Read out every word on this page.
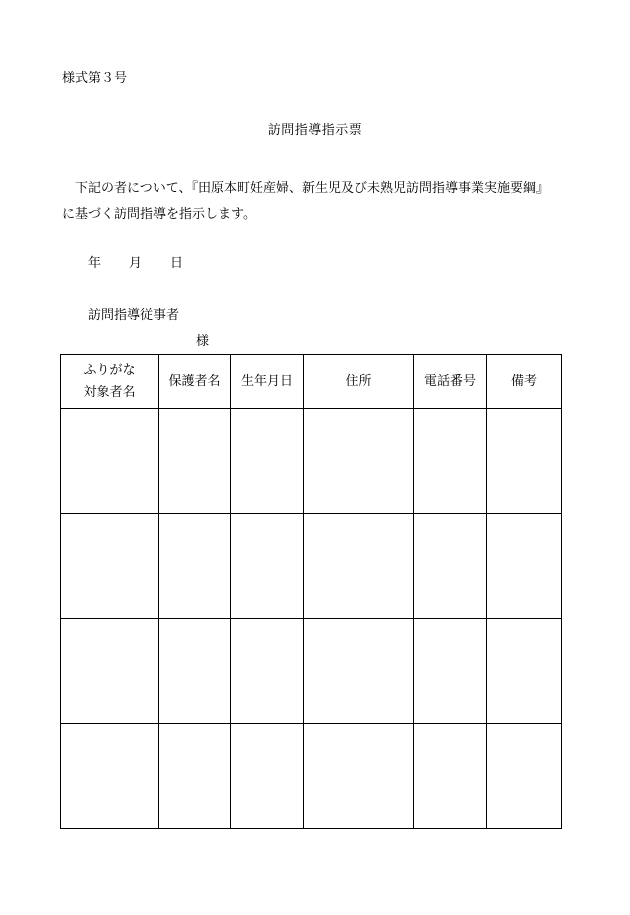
様式第３号
訪問指導指示票
下記の者について、『田原本町妊産婦、新生児及び未熟児訪問指導事業実施要綱』
に基づく訪問指導を指示します。
年 月 日
訪問指導従事者
様
ふりがな
対象者名	保護者名	生年月日	住所	電話番号	備考
